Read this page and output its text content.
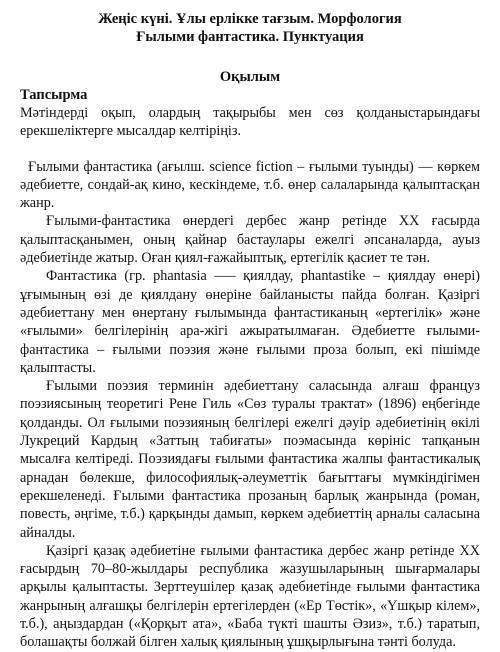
Жеңіс күні. Ұлы ерлікке тағзым. Морфология

Ғылыми фантастика. Пунктуация

Оқылым

Тапсырма

Мәтіндерді оқып, олардың тақырыбы мен сөз қолданыстарындағы ерекшеліктерге мысалдар келтіріңіз.

Ғылыми фантастика (ағылш. science fiction – ғылыми туынды) — көркем әдебиетте, сондай-ақ кино, кескіндеме, т.б. өнер салаларында қалыптасқан жанр.

Ғылыми-фантастика өнердегі дербес жанр ретінде XX ғасырда қалыптасқанымен, оның қайнар бастаулары ежелгі әпсаналарда, ауыз әдебиетінде жатыр. Оған қиял-ғажайыптық, ертегілік қасиет те тән.

Фантастика (гр. phantasia —– қиялдау, phantastike – қиялдау өнері) ұғымының өзі де қиялдану өнеріне байланысты пайда болған. Қазіргі әдебиеттану мен өнертану ғылымында фантастиканың «ертегілік» және «ғылыми» белгілерінің ара-жігі ажыратылмаған. Әдебиетте ғылыми-фантастика – ғылыми поэзия және ғылыми проза болып, екі пішімде қалыптасты.

Ғылыми поэзия терминін әдебиеттану саласында алғаш француз поэзиясының теоретигі Рене Гиль «Сөз туралы трактат» (1896) еңбегінде қолданды. Ол ғылыми поэзияның белгілері ежелгі дәуір әдебиетінің өкілі Лукреций Кардың «Заттың табиғаты» поэмасында көрініс тапқанын мысалға келтіреді. Поэзиядағы ғылыми фантастика жалпы фантастикалық арнадан бөлекше, философиялық-әлеуметтік бағыттағы мүмкіндігімен ерекшеленеді. Ғылыми фантастика прозаның барлық жанрында (роман, повесть, әңгіме, т.б.) қарқынды дамып, көркем әдебиеттің арналы саласына айналды.

Қазіргі қазақ әдебиетіне ғылыми фантастика дербес жанр ретінде XX ғасырдың 70–80-жылдары республика жазушыларының шығармалары арқылы қалыптасты. Зерттеушілер қазақ әдебиетінде ғылыми фантастика жанрының алғашқы белгілерін ертегілерден («Ер Төстік», «Үшқыр кілем», т.б.), аңыздардан («Қорқыт ата», «Баба түкті шашты Әзиз», т.б.) таратып, болашақты болжай білген халық қиялының ұшқырлығына тәнті болуда.
